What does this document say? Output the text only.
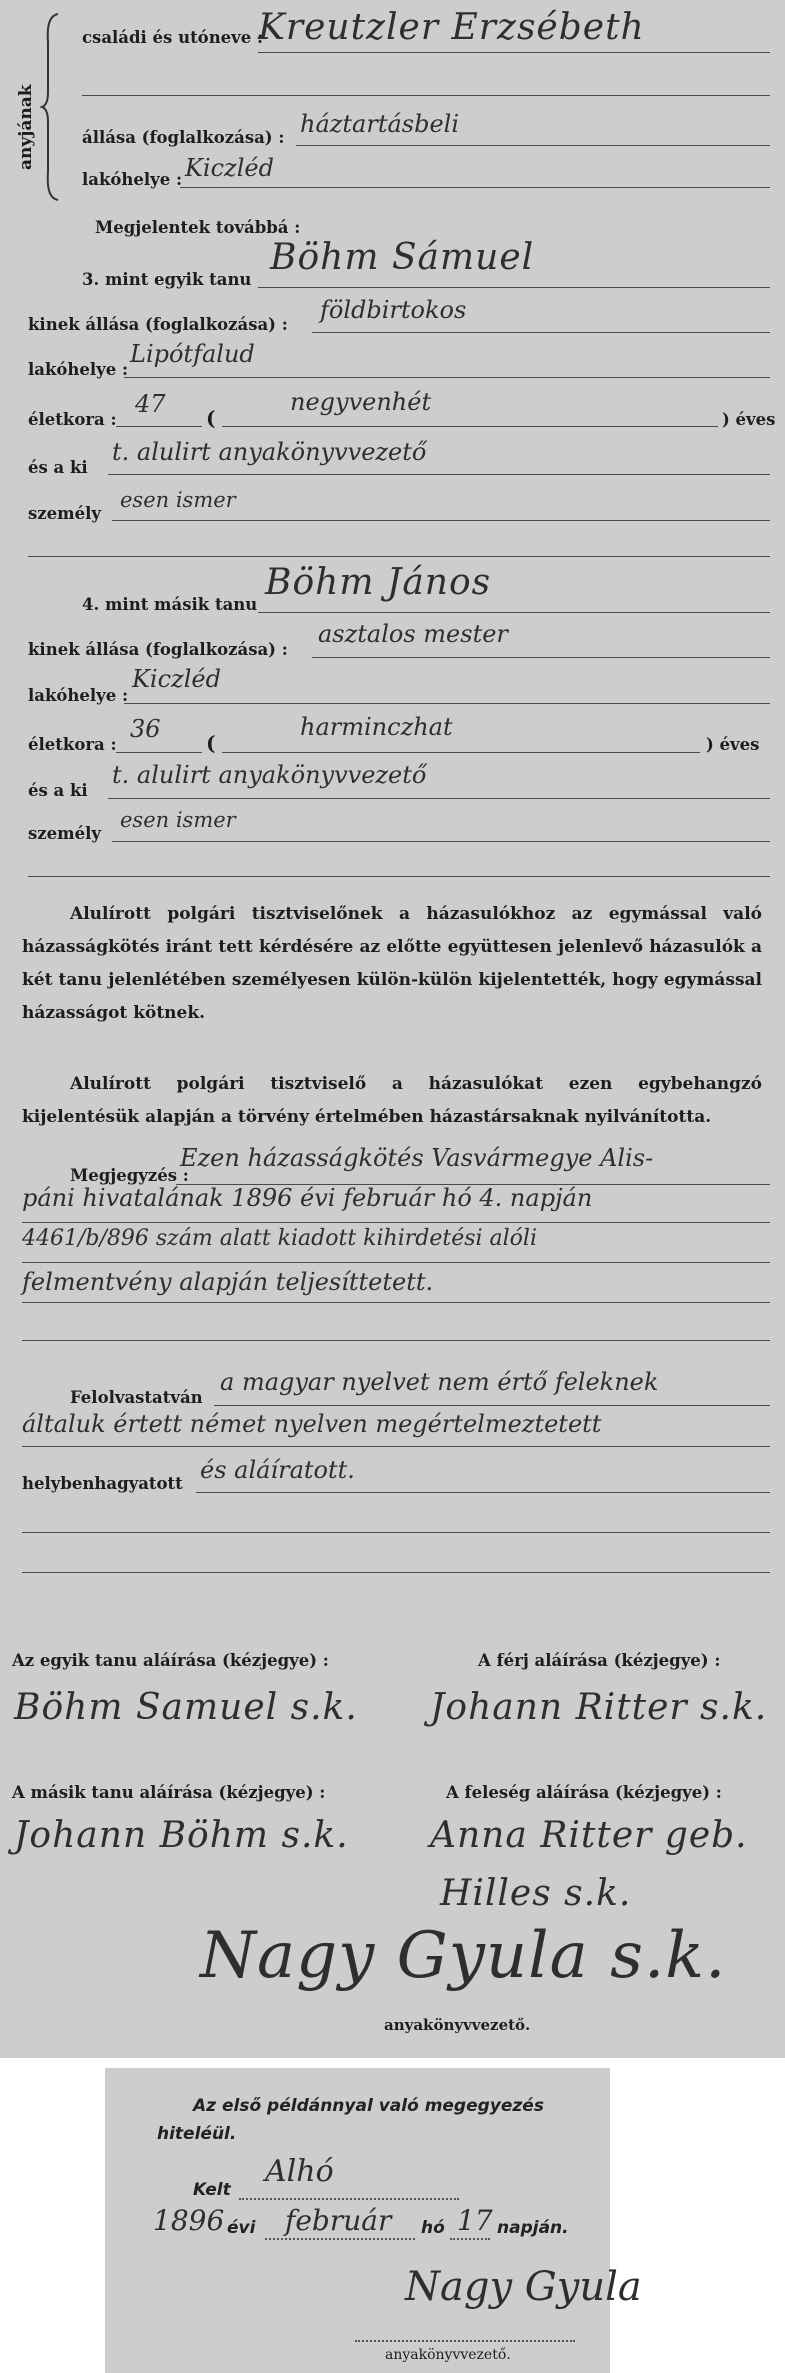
anyjának
családi és utóneve :
Kreutzler Erzsébeth
állása (foglalkozása) : háztartásbeli
lakóhelye : Kiczléd
Megjelentek továbbá :
3. mint egyik tanu
Böhm Sámuel
kinek állása (foglalkozása) :
földbirtokos
lakóhelye :
Lipótfalud
életkora :
47 (
negyvenhét
) éves
és a ki
t. alulirt anyakönyvvezető
személy
esen ismer
4. mint másik tanu
Böhm János
kinek állása (foglalkozása) :
asztalos mester
lakóhelye :
Kiczléd
életkora :
36 (
harminczhat
) éves
és a ki
t. alulirt anyakönyvvezető
személy
esen ismer

Alulírott polgári tisztviselőnek a házasulókhoz az egymással való házasságkötés iránt tett kérdésére az előtte együttesen jelenlevő házasulók a két tanu jelenlétében személyesen külön-külön kijelentették, hogy egymással házasságot kötnek.

Alulírott polgári tisztviselő a házasulókat ezen egybehangzó kijelentésük alapján a törvény értelmében házastársaknak nyilvánította.

Megjegyzés :
Ezen házasságkötés Vasvármegye Alis-
páni hivatalának 1896 évi február hó 4. napján
4461/b/896 szám alatt kiadott kihirdetési alóli
felmentvény alapján teljesíttetett.
Felolvastatván
a magyar nyelvet nem értő feleknek
általuk értett német nyelven megértelmeztetett
helybenhagyatott és aláíratott.
Az egyik tanu aláírása (kézjegye) :
Böhm Samuel s.k.
A férj aláírása (kézjegye) :
Johann Ritter s.k.
A másik tanu aláírása (kézjegye) :
Johann Böhm s.k.
A feleség aláírása (kézjegye) :
Anna Ritter geb.
Hilles s.k.
Nagy Gyula s.k.
anyakönyvvezető.
Az első példánnyal való megegyezés
hiteléül.
Kelt
Alhó
1896 évi február hó 17 napján.
Nagy Gyula
anyakönyvvezető.
